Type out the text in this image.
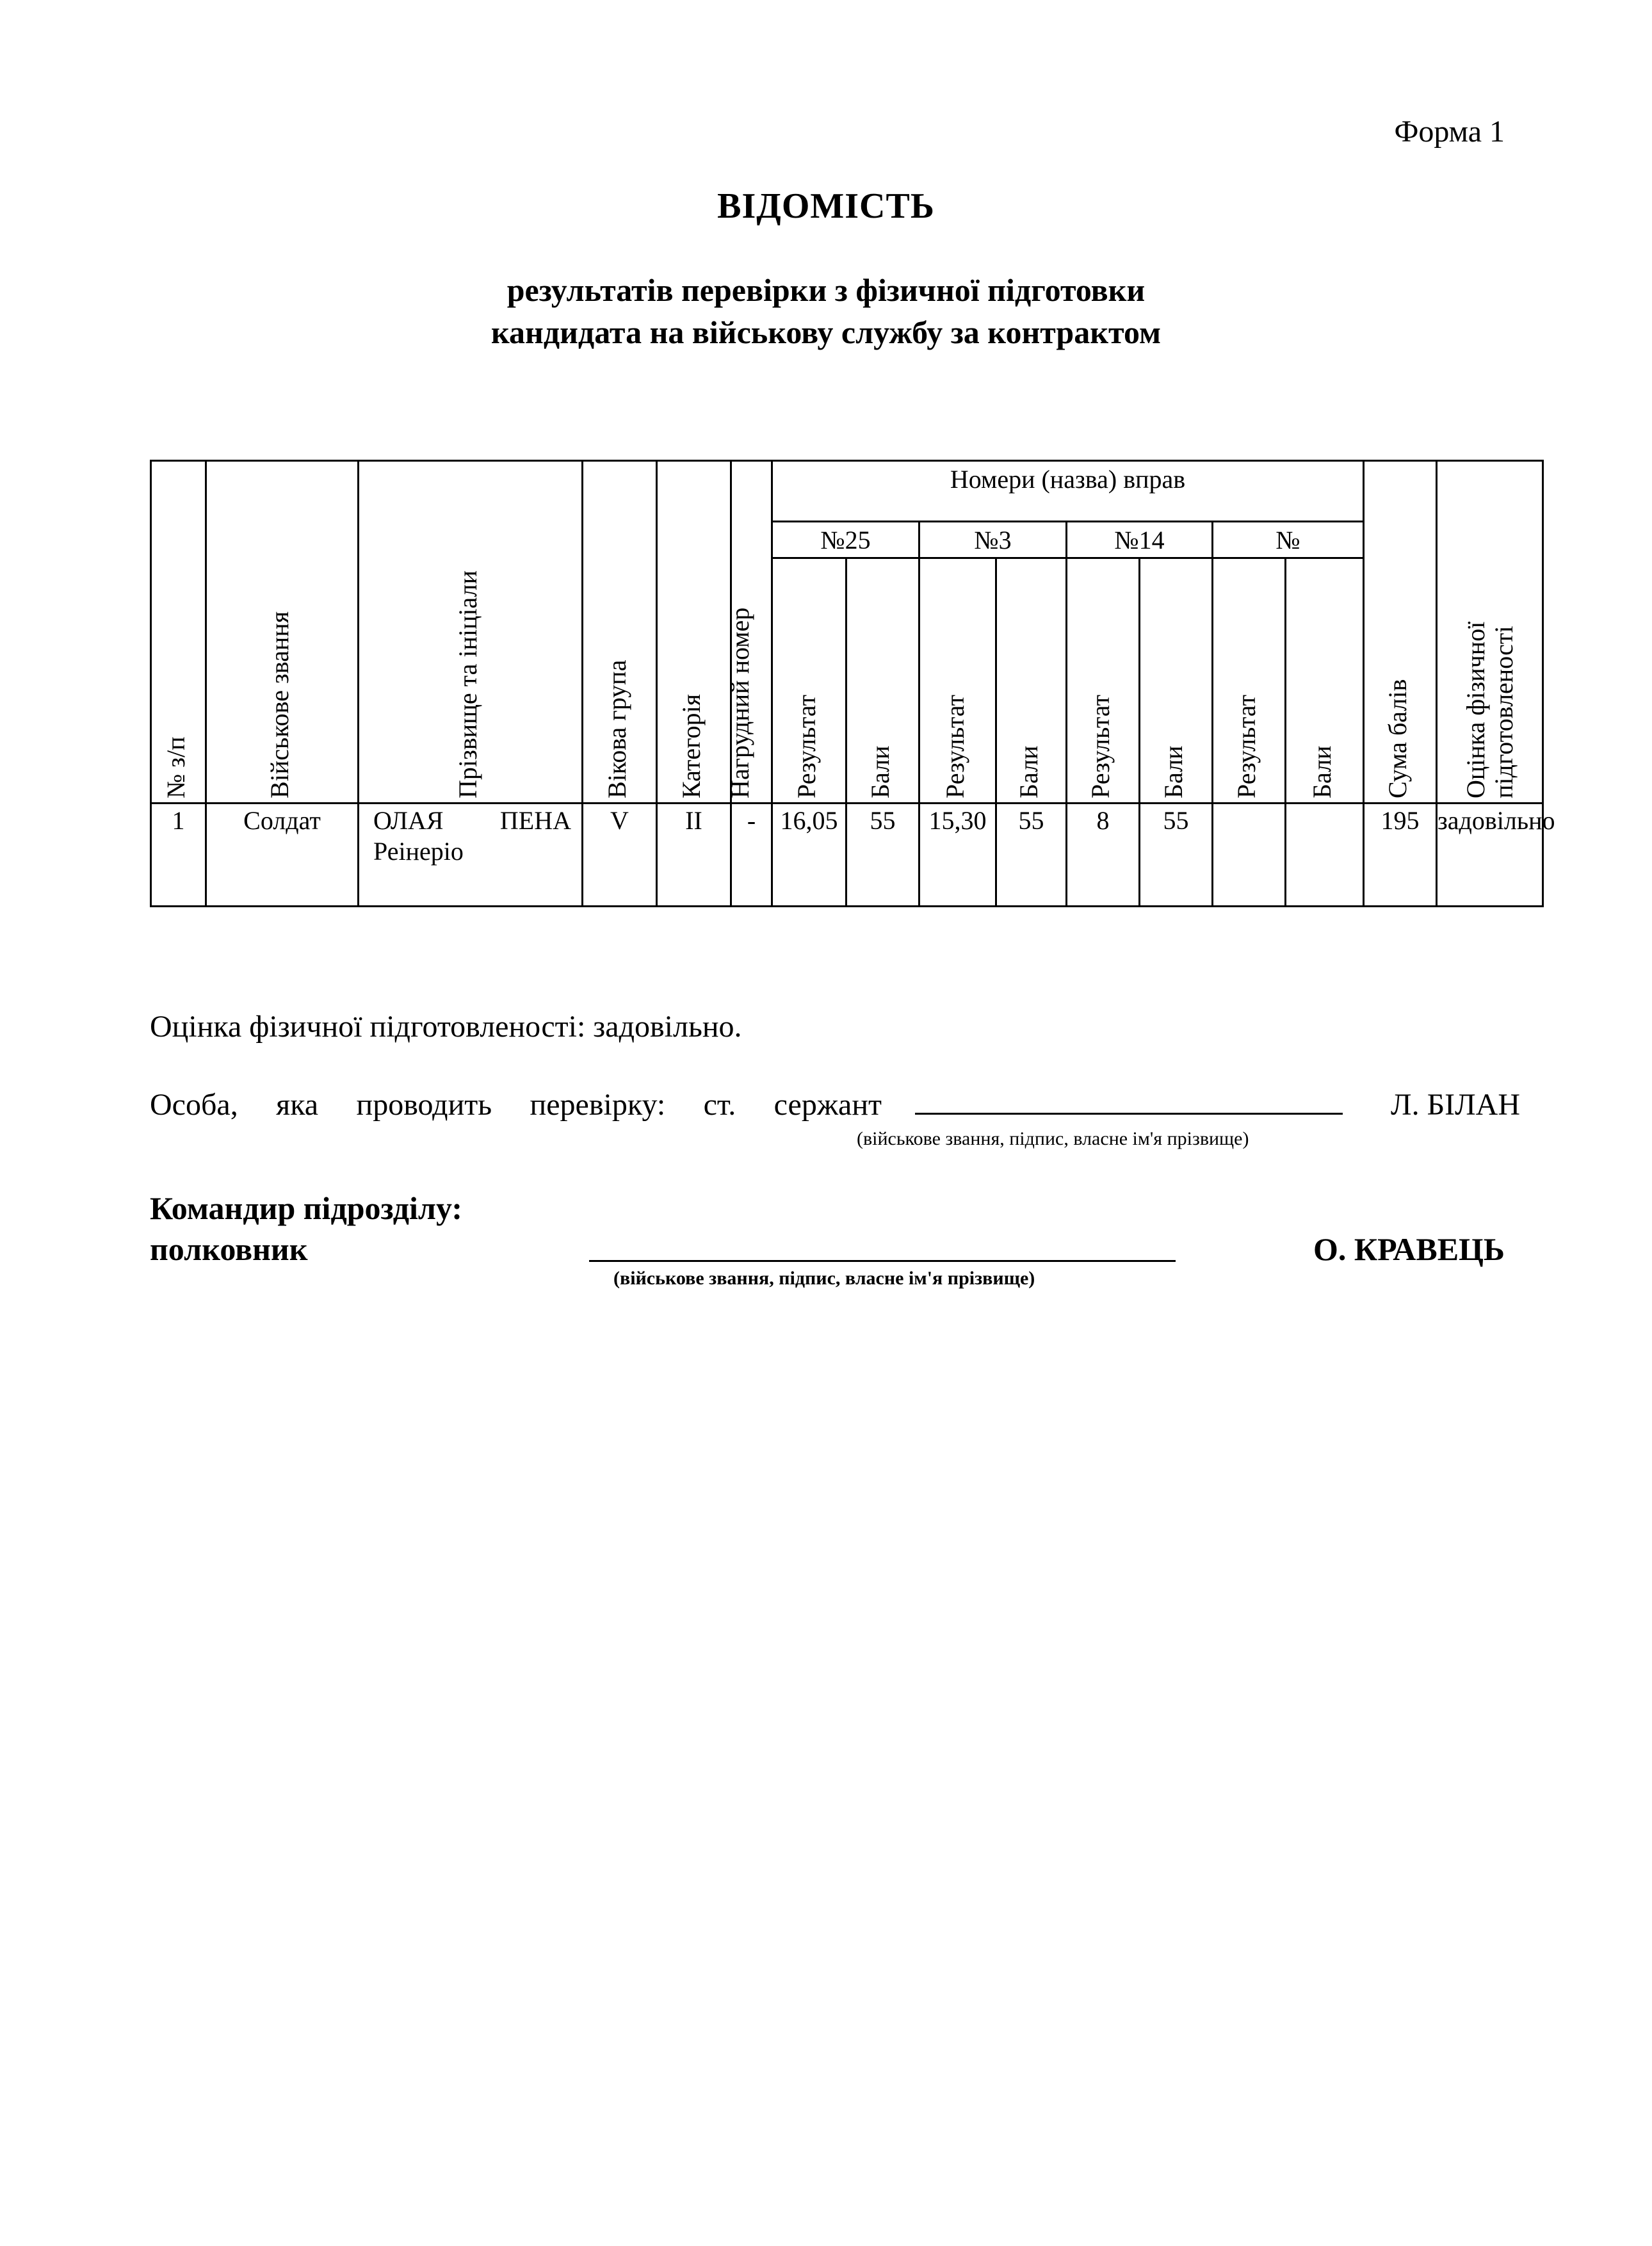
Форма 1
ВІДОМІСТЬ
результатів перевірки з фізичної підготовки
кандидата на військову службу за контрактом
№ з/п	Військове звання	Прізвище та ініціали	Вікова група	Категорія	Нагрудний номер	Номери (назва) вправ								Сума балів	Оцінка фізичної підготовленості

						№25		№3		№14		№			

						Результат	Бали	Результат	Бали	Результат	Бали	Результат	Бали		

1	Солдат	ОЛАЯ ПЕНА Реінеріо	V	II	-	16,05	55	15,30	55	8	55			195	задовільно
Оцінка фізичної підготовленості: задовільно.
Особа, яка проводить перевірку: ст. сержант	Л. БІЛАН
(військове звання, підпис, власне ім'я прізвище)
Командир підрозділу:
полковник	О. КРАВЕЦЬ
(військове звання, підпис, власне ім'я прізвище)
